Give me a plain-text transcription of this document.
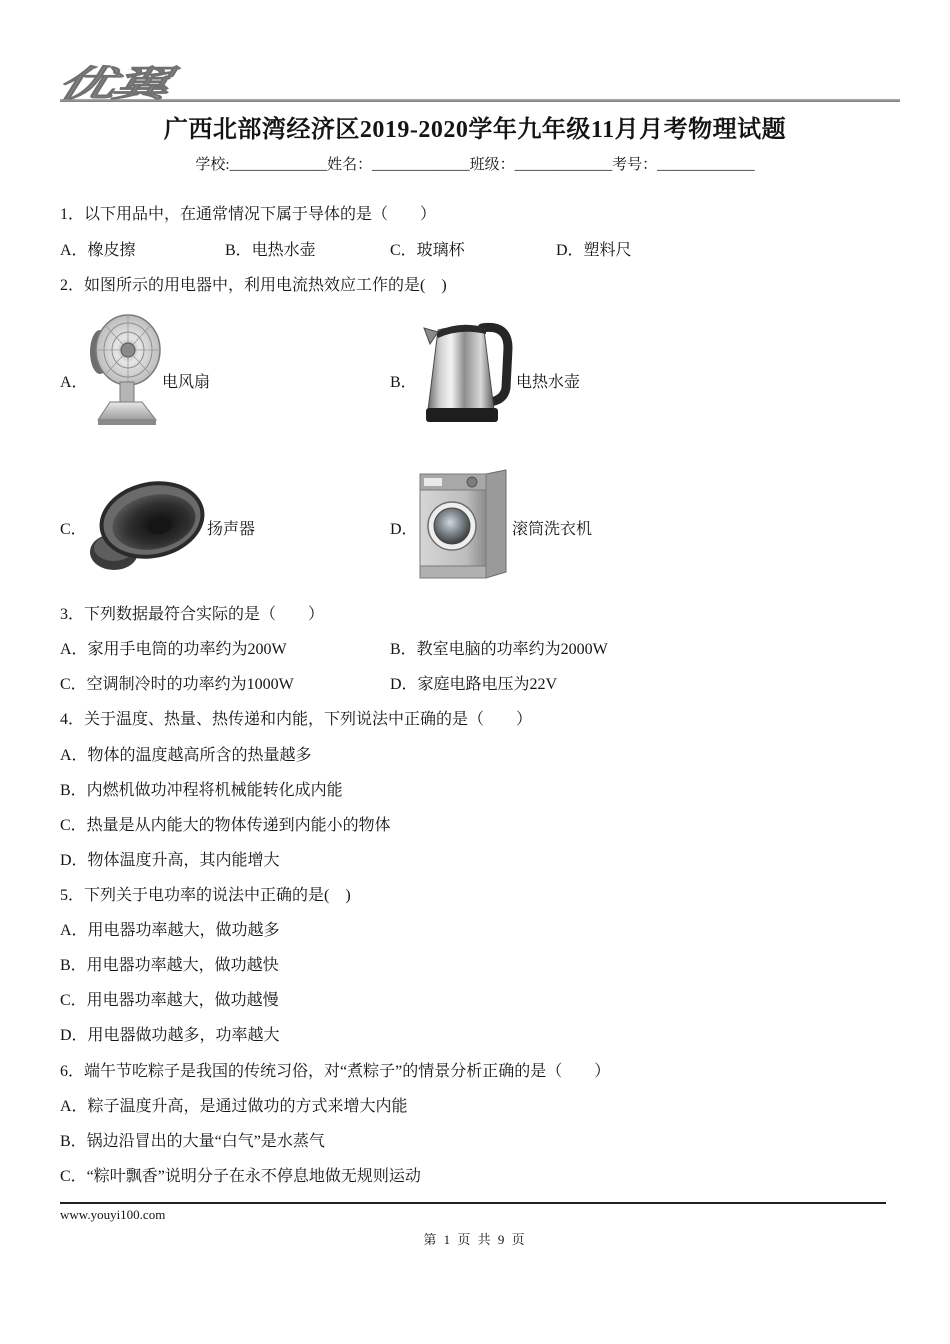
优翼
广西北部湾经济区2019-2020学年九年级11月月考物理试题
学校:_____________姓名：_____________班级：_____________考号：_____________
1．以下用品中，在通常情况下属于导体的是（　　）
A．橡皮擦	B．电热水壶	C．玻璃杯	D．塑料尺
2．如图所示的用电器中，利用电流热效应工作的是(　)
A．	电风扇	B．	电热水壶
C．	扬声器	D．	滚筒洗衣机
3．下列数据最符合实际的是（　　）
A．家用手电筒的功率约为200W	B．教室电脑的功率约为2000W
C．空调制冷时的功率约为1000W	D．家庭电路电压为22V
4．关于温度、热量、热传递和内能，下列说法中正确的是（　　）
A．物体的温度越高所含的热量越多
B．内燃机做功冲程将机械能转化成内能
C．热量是从内能大的物体传递到内能小的物体
D．物体温度升高，其内能增大
5．下列关于电功率的说法中正确的是(　)
A．用电器功率越大，做功越多
B．用电器功率越大，做功越快
C．用电器功率越大，做功越慢
D．用电器做功越多，功率越大
6．端午节吃粽子是我国的传统习俗，对“煮粽子”的情景分析正确的是（　　）
A．粽子温度升高，是通过做功的方式来增大内能
B．锅边沿冒出的大量“白气”是水蒸气
C．“粽叶飘香”说明分子在永不停息地做无规则运动
www.youyi100.com
第 1 页 共 9 页
